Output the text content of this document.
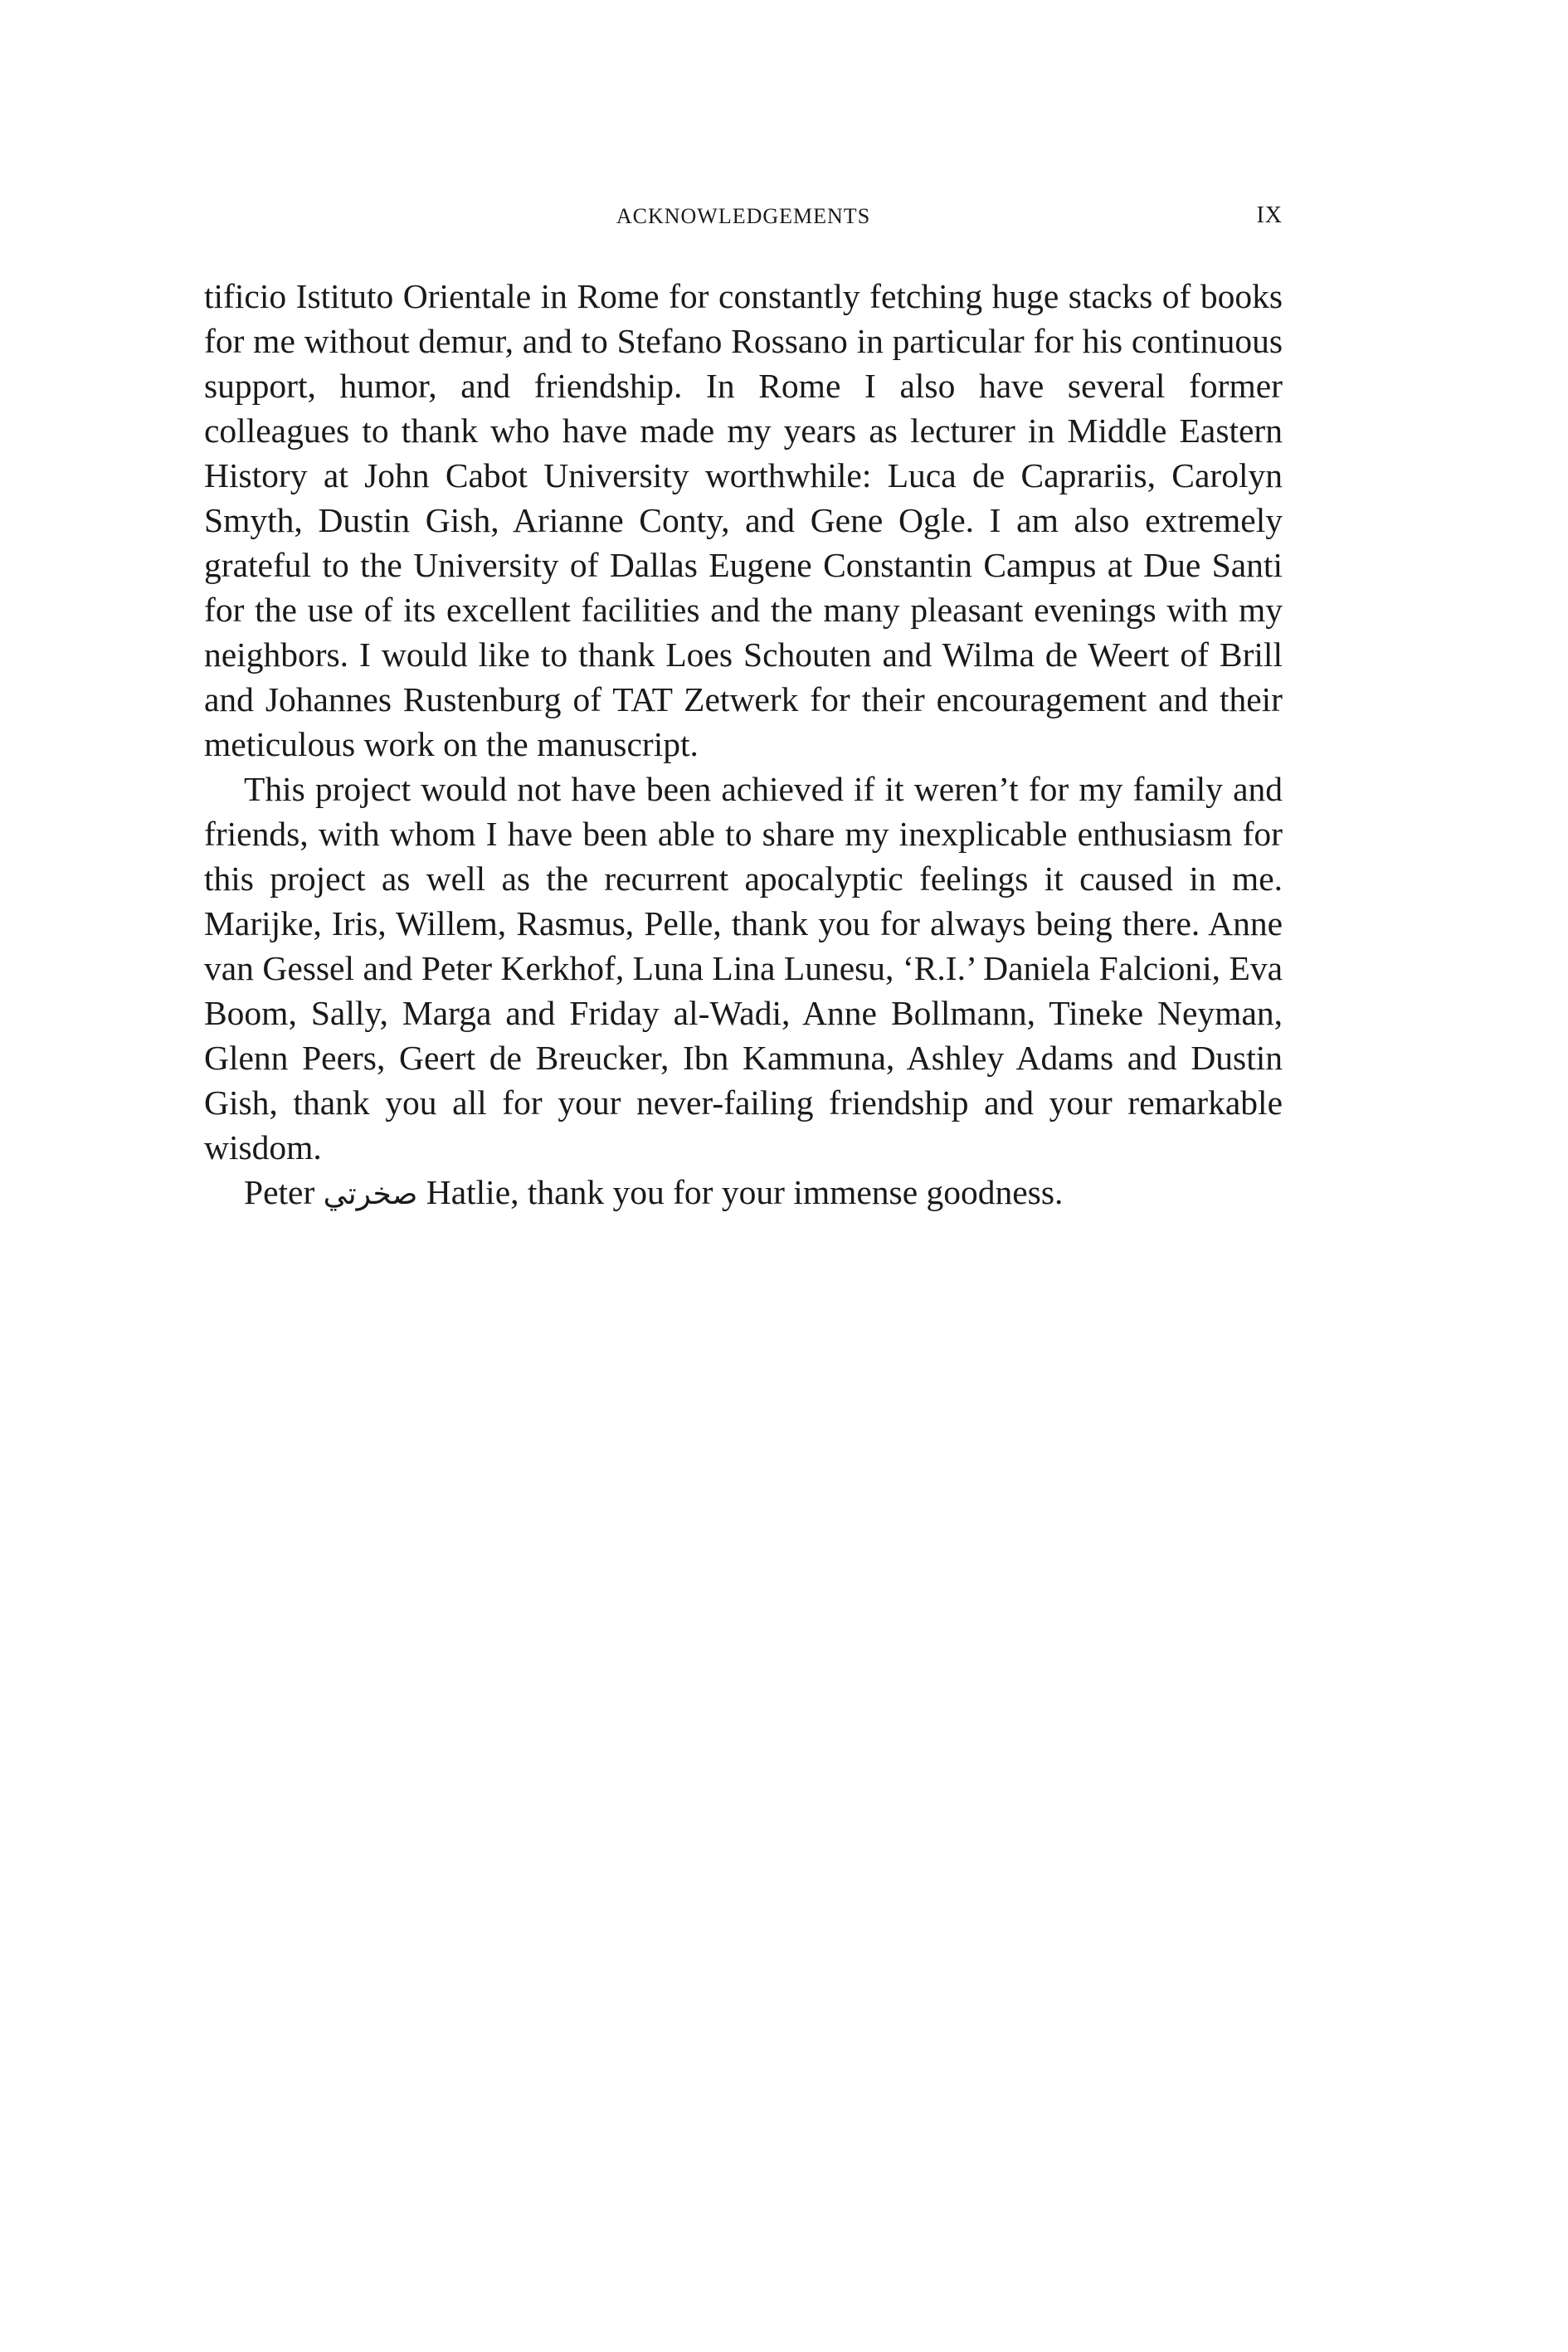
ACKNOWLEDGEMENTS	IX

tificio Istituto Orientale in Rome for constantly fetching huge stacks of books for me without demur, and to Stefano Rossano in particular for his continuous support, humor, and friendship. In Rome I also have several former colleagues to thank who have made my years as lecturer in Middle Eastern History at John Cabot University worthwhile: Luca de Caprariis, Carolyn Smyth, Dustin Gish, Arianne Conty, and Gene Ogle. I am also extremely grateful to the University of Dallas Eugene Constantin Campus at Due Santi for the use of its excellent facilities and the many pleasant evenings with my neighbors. I would like to thank Loes Schouten and Wilma de Weert of Brill and Johannes Rustenburg of TAT Zetwerk for their encouragement and their meticulous work on the manuscript.

This project would not have been achieved if it weren’t for my family and friends, with whom I have been able to share my inexplicable enthusiasm for this project as well as the recurrent apocalyptic feelings it caused in me. Marijke, Iris, Willem, Rasmus, Pelle, thank you for always being there. Anne van Gessel and Peter Kerkhof, Luna Lina Lunesu, ‘R.I.’ Daniela Falcioni, Eva Boom, Sally, Marga and Friday al-Wadi, Anne Bollmann, Tineke Neyman, Glenn Peers, Geert de Breucker, Ibn Kammuna, Ashley Adams and Dustin Gish, thank you all for your never-failing friendship and your remarkable wisdom.

Peter صخرتي Hatlie, thank you for your immense goodness.
